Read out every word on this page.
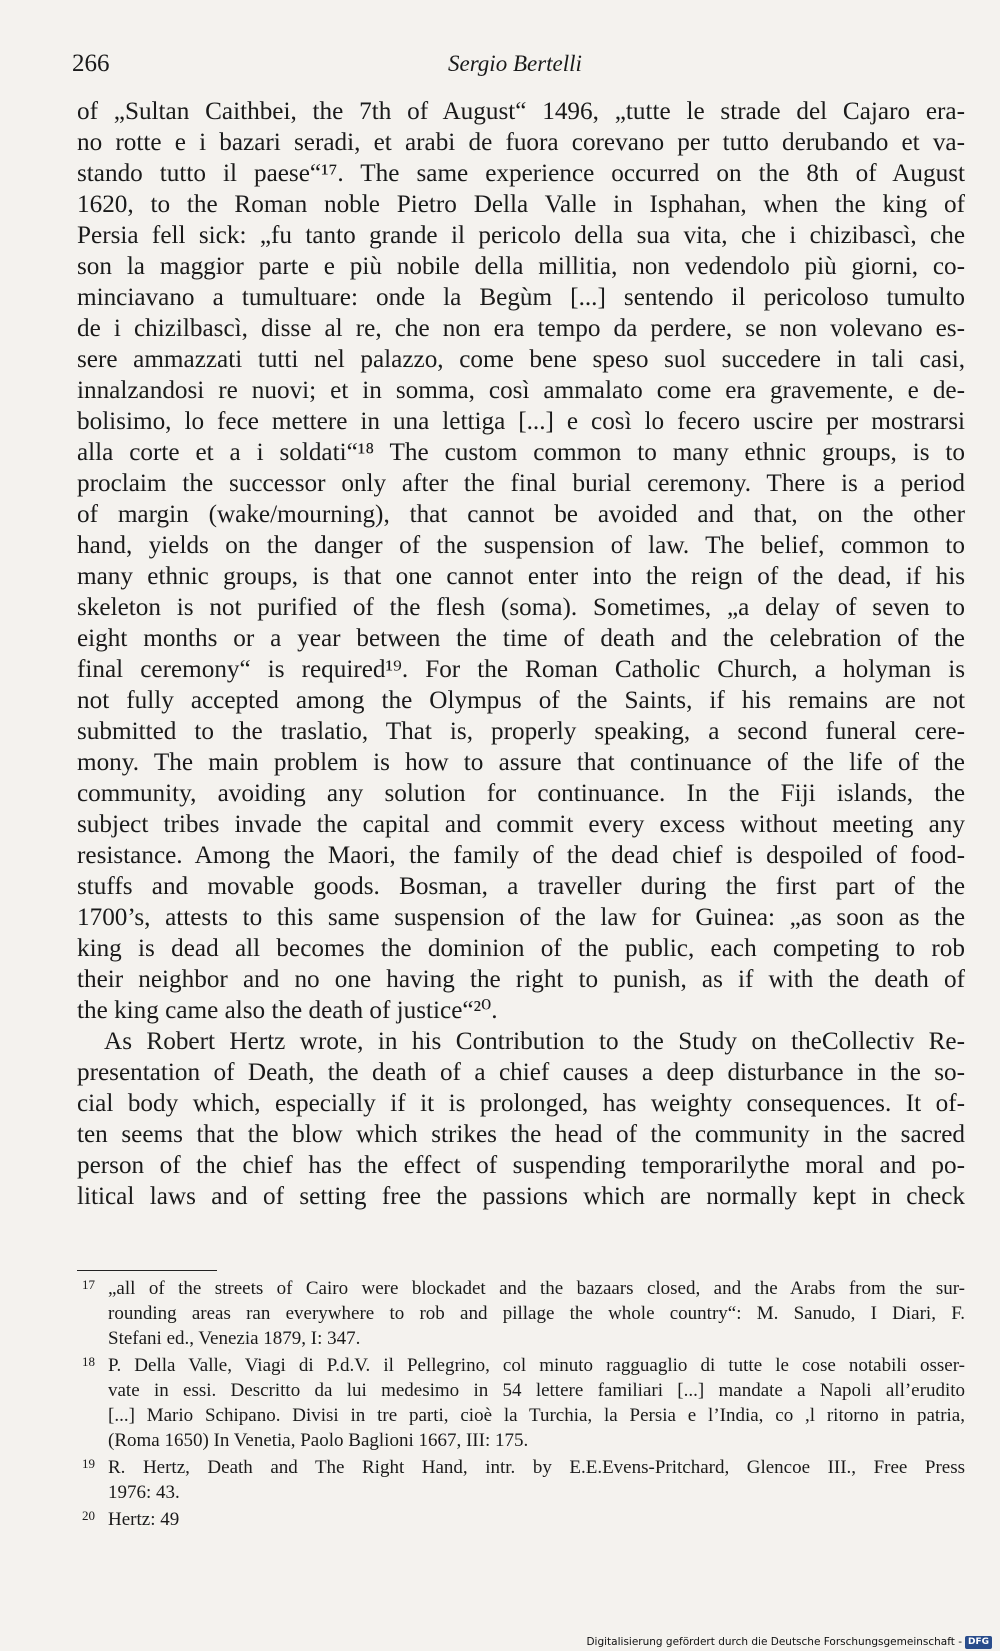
266	Sergio Bertelli
of „Sultan Caithbei, the 7th of August“ 1496, „tutte le strade del Cajaro era-
no rotte e i bazari seradi, et arabi de fuora corevano per tutto derubando et va-
stando tutto il paese“¹⁷. The same experience occurred on the 8th of August
1620, to the Roman noble Pietro Della Valle in Isphahan, when the king of
Persia fell sick: „fu tanto grande il pericolo della sua vita, che i chizibascì, che
son la maggior parte e più nobile della millitia, non vedendolo più giorni, co-
minciavano a tumultuare: onde la Begùm [...] sentendo il pericoloso tumulto
de i chizilbascì, disse al re, che non era tempo da perdere, se non volevano es-
sere ammazzati tutti nel palazzo, come bene speso suol succedere in tali casi,
innalzandosi re nuovi; et in somma, così ammalato come era gravemente, e de-
bolisimo, lo fece mettere in una lettiga [...] e così lo fecero uscire per mostrarsi
alla corte et a i soldati“¹⁸ The custom common to many ethnic groups, is to
proclaim the successor only after the final burial ceremony. There is a period
of margin (wake/mourning), that cannot be avoided and that, on the other
hand, yields on the danger of the suspension of law. The belief, common to
many ethnic groups, is that one cannot enter into the reign of the dead, if his
skeleton is not purified of the flesh (soma). Sometimes, „a delay of seven to
eight months or a year between the time of death and the celebration of the
final ceremony“ is required¹⁹. For the Roman Catholic Church, a holyman is
not fully accepted among the Olympus of the Saints, if his remains are not
submitted to the traslatio, That is, properly speaking, a second funeral cere-
mony. The main problem is how to assure that continuance of the life of the
community, avoiding any solution for continuance. In the Fiji islands, the
subject tribes invade the capital and commit every excess without meeting any
resistance. Among the Maori, the family of the dead chief is despoiled of food-
stuffs and movable goods. Bosman, a traveller during the first part of the
1700’s, attests to this same suspension of the law for Guinea: „as soon as the
king is dead all becomes the dominion of the public, each competing to rob
their neighbor and no one having the right to punish, as if with the death of
the king came also the death of justice“²⁰.
As Robert Hertz wrote, in his Contribution to the Study on theCollectiv Re-
presentation of Death, the death of a chief causes a deep disturbance in the so-
cial body which, especially if it is prolonged, has weighty consequences. It of-
ten seems that the blow which strikes the head of the community in the sacred
person of the chief has the effect of suspending temporarilythe moral and po-
litical laws and of setting free the passions which are normally kept in check
17 „all of the streets of Cairo were blockadet and the bazaars closed, and the Arabs from the sur-
rounding areas ran everywhere to rob and pillage the whole country“: M. Sanudo, I Diari, F.
Stefani ed., Venezia 1879, I: 347.
18 P. Della Valle, Viagi di P.d.V. il Pellegrino, col minuto ragguaglio di tutte le cose notabili osser-
vate in essi. Descritto da lui medesimo in 54 lettere familiari [...] mandate a Napoli all’erudito
[...] Mario Schipano. Divisi in tre parti, cioè la Turchia, la Persia e l’India, co ,l ritorno in patria,
(Roma 1650) In Venetia, Paolo Baglioni 1667, III: 175.
19 R. Hertz, Death and The Right Hand, intr. by E.E.Evens-Pritchard, Glencoe III., Free Press
1976: 43.
20 Hertz: 49
Digitalisierung gefördert durch die Deutsche Forschungsgemeinschaft - DFG
